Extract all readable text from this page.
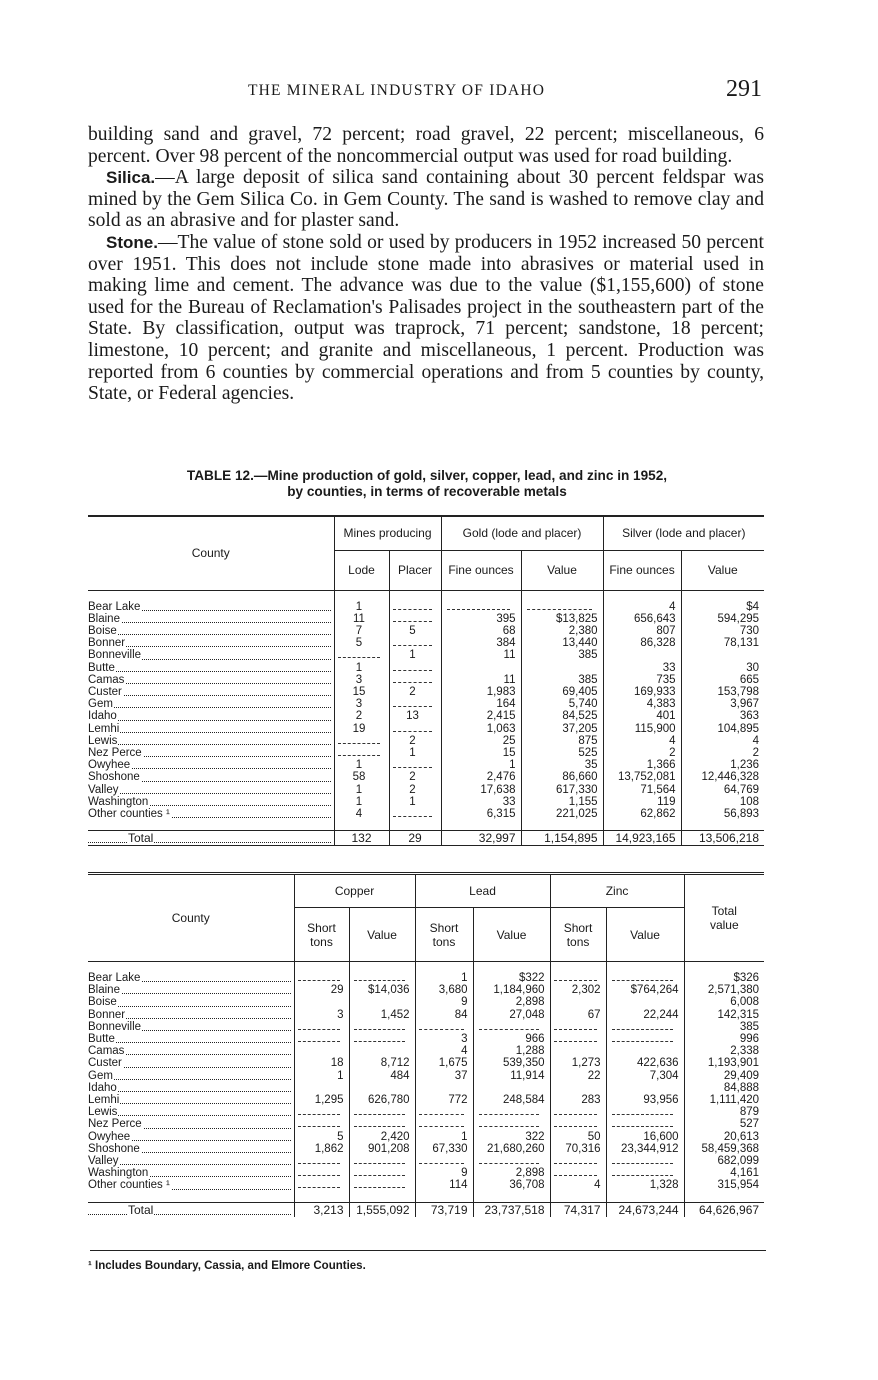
THE MINERAL INDUSTRY OF IDAHO	291

building sand and gravel, 72 percent; road gravel, 22 percent; miscellaneous, 6 percent. Over 98 percent of the noncommercial output was used for road building.

Silica.—A large deposit of silica sand containing about 30 percent feldspar was mined by the Gem Silica Co. in Gem County. The sand is washed to remove clay and sold as an abrasive and for plaster sand.

Stone.—The value of stone sold or used by producers in 1952 increased 50 percent over 1951. This does not include stone made into abrasives or material used in making lime and cement. The advance was due to the value ($1,155,600) of stone used for the Bureau of Reclamation's Palisades project in the southeastern part of the State. By classification, output was traprock, 71 percent; sandstone, 18 percent; limestone, 10 percent; and granite and miscellaneous, 1 percent. Production was reported from 6 counties by commercial operations and from 5 counties by county, State, or Federal agencies.

TABLE 12.—Mine production of gold, silver, copper, lead, and zinc in 1952,
by counties, in terms of recoverable metals
County	Mines producing		Gold (lode and placer)		Silver (lode and placer)	
	Lode	Placer	Fine ounces	Value	Fine ounces	Value

Bear Lake	1				4	$4
Blaine	11		395	$13,825	656,643	594,295
Boise	7	5	68	2,380	807	730
Bonner	5		384	13,440	86,328	78,131
Bonneville		1	11	385		
Butte	1				33	30
Camas	3		11	385	735	665
Custer	15	2	1,983	69,405	169,933	153,798
Gem	3		164	5,740	4,383	3,967
Idaho	2	13	2,415	84,525	401	363
Lemhi	19		1,063	37,205	115,900	104,895
Lewis		2	25	875	4	4
Nez Perce		1	15	525	2	2
Owyhee	1		1	35	1,366	1,236
Shoshone	58	2	2,476	86,660	13,752,081	12,446,328
Valley	1	2	17,638	617,330	71,564	64,769
Washington	1	1	33	1,155	119	108
Other counties ¹	4		6,315	221,025	62,862	56,893

Total	132	29	32,997	1,154,895	14,923,165	13,506,218
County	Copper		Lead		Zinc		Total value
	Short tons	Value	Short tons	Value	Short tons	Value	

Bear Lake			1	$322			$326
Blaine	29	$14,036	3,680	1,184,960	2,302	$764,264	2,571,380
Boise			9	2,898			6,008
Bonner	3	1,452	84	27,048	67	22,244	142,315
Bonneville							385
Butte			3	966			996
Camas			4	1,288			2,338
Custer	18	8,712	1,675	539,350	1,273	422,636	1,193,901
Gem	1	484	37	11,914	22	7,304	29,409
Idaho							84,888
Lemhi	1,295	626,780	772	248,584	283	93,956	1,111,420
Lewis							879
Nez Perce							527
Owyhee	5	2,420	1	322	50	16,600	20,613
Shoshone	1,862	901,208	67,330	21,680,260	70,316	23,344,912	58,459,368
Valley							682,099
Washington			9	2,898			4,161
Other counties ¹			114	36,708	4	1,328	315,954

Total	3,213	1,555,092	73,719	23,737,518	74,317	24,673,244	64,626,967
¹ Includes Boundary, Cassia, and Elmore Counties.
